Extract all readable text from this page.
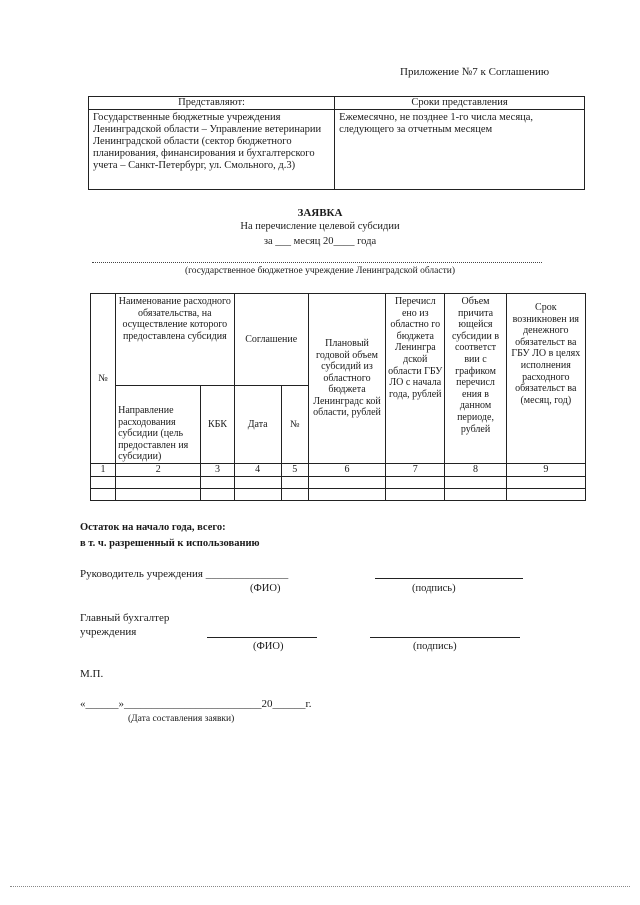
Приложение №7 к Соглашению
Представляют:	Сроки представления
Государственные бюджетные учреждения Ленинградской области – Управление ветеринарии Ленинградской области (сектор бюджетного планирования, финансирования и бухгалтерского учета – Санкт-Петербург, ул. Смольного, д.3)	Ежемесячно, не позднее 1-го числа месяца, следующего за отчетным месяцем
ЗАЯВКА
На перечисление целевой субсидии
за ___ месяц 20____ года
(государственное бюджетное учреждение Ленинградской области)
№	Наименование расходного обязательства, на осуществление которого предоставлена субсидия		Соглашение		Плановый годовой объем субсидий из областного бюджета Ленинградс кой области, рублей	Перечисл ено из областно го бюджета Ленингра дской области ГБУ ЛО с начала года, рублей	Объем причита ющейся субсидии в соответст вии с графиком перечисл ения в данном периоде, рублей	Срок возникновен ия денежного обязательст ва ГБУ ЛО в целях исполнения расходного обязательст ва (месяц, год)
	Направление расходования субсидии (цель предоставлен ия субсидии)	КБК	Дата	№				
1	2	3	4	5	6	7	8	9

Остаток на начало года, всего:
в т. ч. разрешенный к использованию
Руководитель учреждения _______________
(ФИО)	(подпись)
Главный бухгалтер
учреждения
(ФИО)	(подпись)
М.П.
«______»_________________________20______г.
(Дата составления заявки)
